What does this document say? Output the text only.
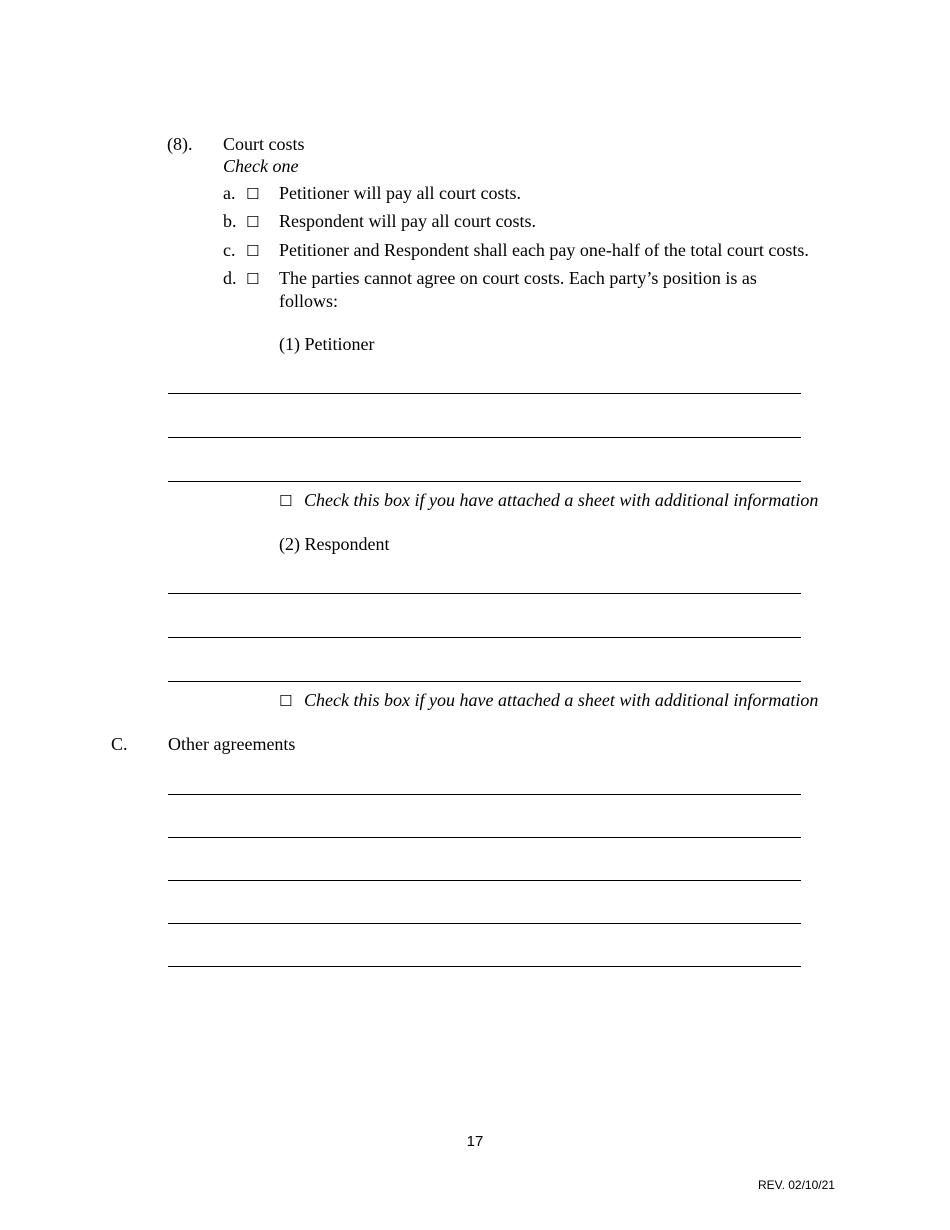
(8). Court costs
Check one
a. ☐ Petitioner will pay all court costs.
b. ☐ Respondent will pay all court costs.
c. ☐ Petitioner and Respondent shall each pay one-half of the total court costs.
d. ☐ The parties cannot agree on court costs. Each party’s position is as
follows:
(1) Petitioner
☐ Check this box if you have attached a sheet with additional information
(2) Respondent
☐ Check this box if you have attached a sheet with additional information
C. Other agreements
17
REV. 02/10/21
